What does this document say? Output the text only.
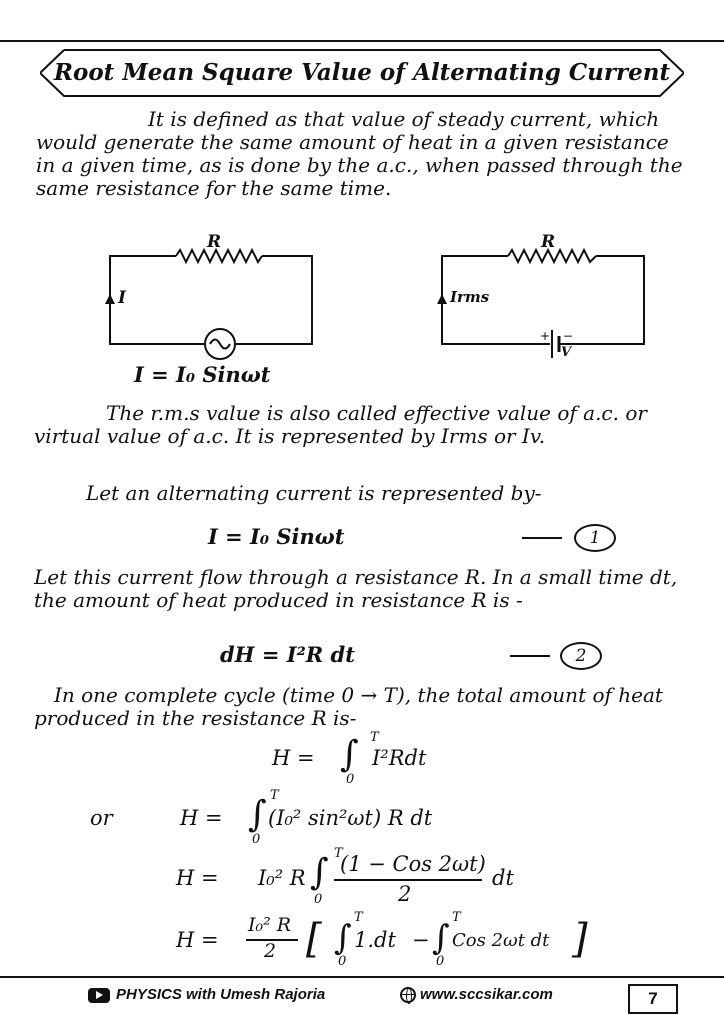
Root Mean Square Value of Alternating Current
It is defined as that value of steady current, which would generate the same amount of heat in a given resistance in a given time, as is done by the a.c., when passed through the same resistance for the same time.
+ −
R
I
R
Irms
V
I = I₀ Sinωt
The r.m.s value is also called effective value of a.c. or virtual value of a.c. It is represented by Irms or Iv.
Let an alternating current is represented by-
I = I₀ Sinωt	1
Let this current flow through a resistance R. In a small time dt, the amount of heat produced in resistance R is -
dH = I²R dt	2
In one complete cycle (time 0 → T), the total amount of heat produced in the resistance R is-
H = ∫ T
0
I²Rdt
or	H = ∫ T
0
(I₀² sin²ωt) R dt
H = I₀² R ∫ T
0
(1 − Cos 2ωt)
2
dt
H =
I₀² R
2 [ ∫
T
0
1.dt − ∫
T
0
Cos 2ωt dt ]
PHYSICS with Umesh Rajoria	www.sccsikar.com	7
